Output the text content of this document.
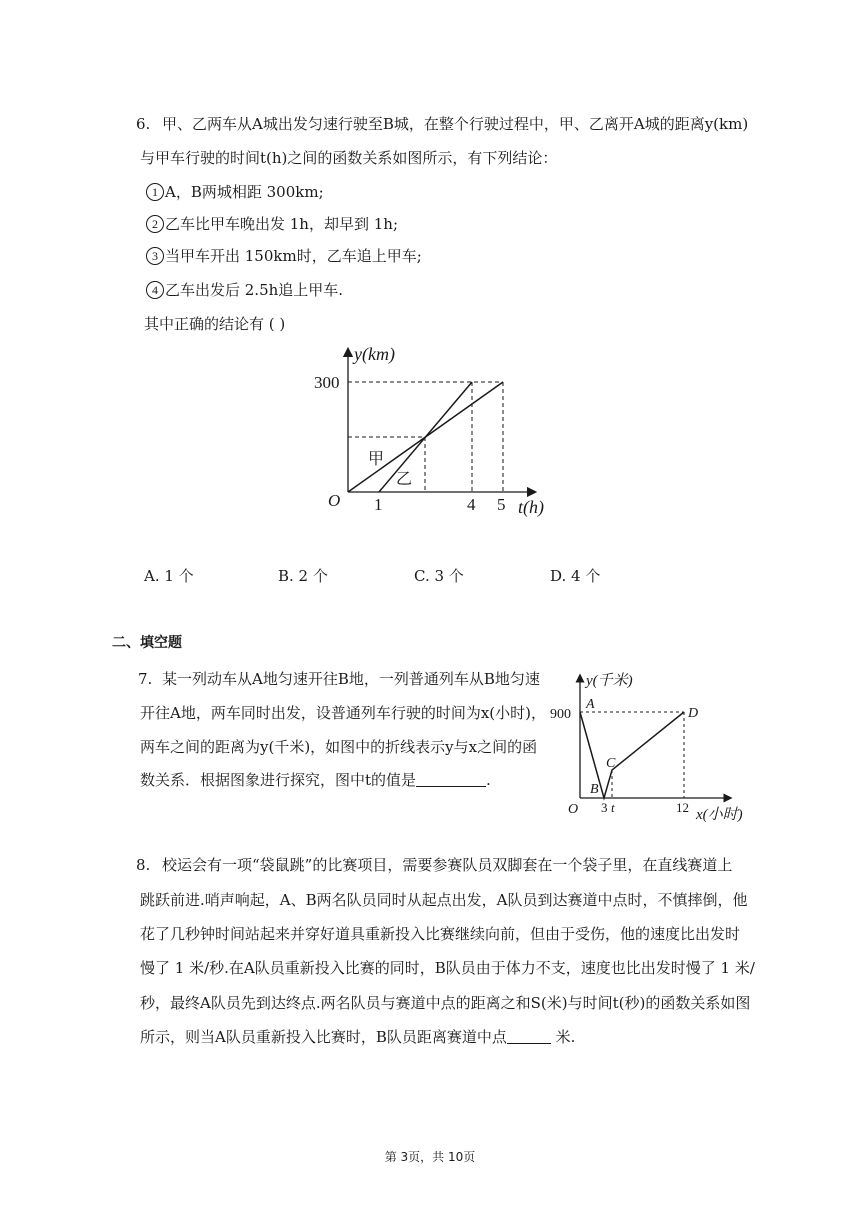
6. 甲、乙两车从A城出发匀速行驶至B城，在整个行驶过程中，甲、乙离开A城的距离y(km)
与甲车行驶的时间t(h)之间的函数关系如图所示，有下列结论：
1 A，B两城相距 300km;
2 乙车比甲车晚出发 1h，却早到 1h;
3 当甲车开出 150km时，乙车追上甲车;
4 乙车出发后 2.5h追上甲车.
其中正确的结论有 ( )
y(km)
300
O 1	4 5 t(h)
甲
乙
A. 1 个	B. 2 个	C. 3 个	D. 4 个
二、填空题
7. 某一列动车从A地匀速开往B地，一列普通列车从B地匀速
开往A地，两车同时出发，设普通列车行驶的时间为x(小时)，
两车之间的距离为y(千米)，如图中的折线表示y与x之间的函
数关系．根据图象进行探究，图中t的值是	.
y(千米)
900
A
B
C
D
O 3 t	12 x(小时)
8. 校运会有一项“袋鼠跳”的比赛项目，需要参赛队员双脚套在一个袋子里，在直线赛道上
跳跃前进.哨声响起，A、B两名队员同时从起点出发，A队员到达赛道中点时，不慎摔倒，他
花了几秒钟时间站起来并穿好道具重新投入比赛继续向前，但由于受伤，他的速度比出发时
慢了 1 米/秒.在A队员重新投入比赛的同时，B队员由于体力不支，速度也比出发时慢了 1 米/
秒，最终A队员先到达终点.两名队员与赛道中点的距离之和S(米)与时间t(秒)的函数关系如图
所示，则当A队员重新投入比赛时，B队员距离赛道中点	米.
第 3页，共 10页
